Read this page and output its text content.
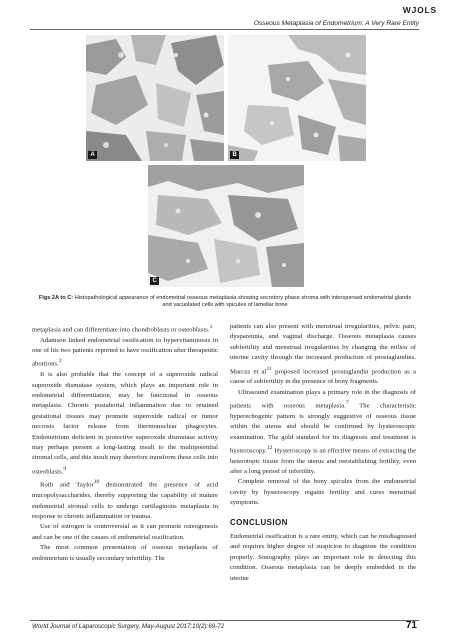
WJOLS
Osseous Metaplasia of Endometrium: A Very Rare Entity
A	B
C
Figs 2A to C: Histopathological appearance of endometrial osseous metaplasia showing secretory phase stroma with interspersed endometrial glands and vacuolated cells with spicules of lamellar bone

metaplasia and can differentiate into chondroblasts or osteoblasts.$^1$

Adamson linked endometrial ossification to hypervitaminosis in one of his two patients reported to have ossification after therapeutic abortions.$^2$

It is also probable that the concept of a superoxide radical superoxide dismutase system, which plays an important role in endometrial differentiation, may be functional in osseous metaplasia. Chronic postabortal inflammation due to retained gestational tissues may promote superoxide radical or tumor necrosis factor release from thermonuclear phagocytes. Endometrium deficient in protective superoxide dismutase activity may perhaps present a long-lasting insult to the multipotential stromal cells, and this insult may therefore transform these cells into osteoblasts.$^9$

Roth and Taylor$^{10}$ demonstrated the presence of acid mucopolysaccharides, thereby supporting the capability of mature endometrial stromal cells to undergo cartilaginous metaplasia in response to chronic inflammation or trauma.

Use of estrogen is controversial as it can promote osteogenesis and can be one of the causes of endometrial ossification.

The most common presentation of osseous metaplasia of endometrium is usually secondary infertility. The

patients can also present with menstrual irregularities, pelvic pain, dyspareunia, and vaginal discharge. Osseous metaplasia causes subfertility and menstrual irregularities by changing the milieu of uterine cavity through the increased production of prostaglandins. Marcus et $al^{11}$ proposed increased prostaglandin production as a cause of subfertility in the presence of bony fragments.

Ultrasound examination plays a primary role in the diagnosis of patients with osseous metaplasia.$^7$ The characteristic hyperechogenic pattern is strongly suggestive of osseous tissue within the uterus and should be confirmed by hysteroscopic examination. The gold standard for its diagnosis and treatment is hysteroscopy.$^{12}$ Hysteroscopy is an effective means of extracting the heterotopic tissue from the uterus and reestablishing fertility, even after a long period of infertility.

Complete removal of the bony spicules from the endometrial cavity by hysteroscopy regains fertility and cures menstrual symptoms.

CONCLUSION

Endometrial ossification is a rare entity, which can be misdiagnosed and requires higher degree of suspicion to diagnose the condition properly. Sonography plays an important role in detecting this condition. Osseous metaplasia can be deeply embedded in the uterine

World Journal of Laparoscopic Surgery, May-August 2017;10(2):69-72	71
